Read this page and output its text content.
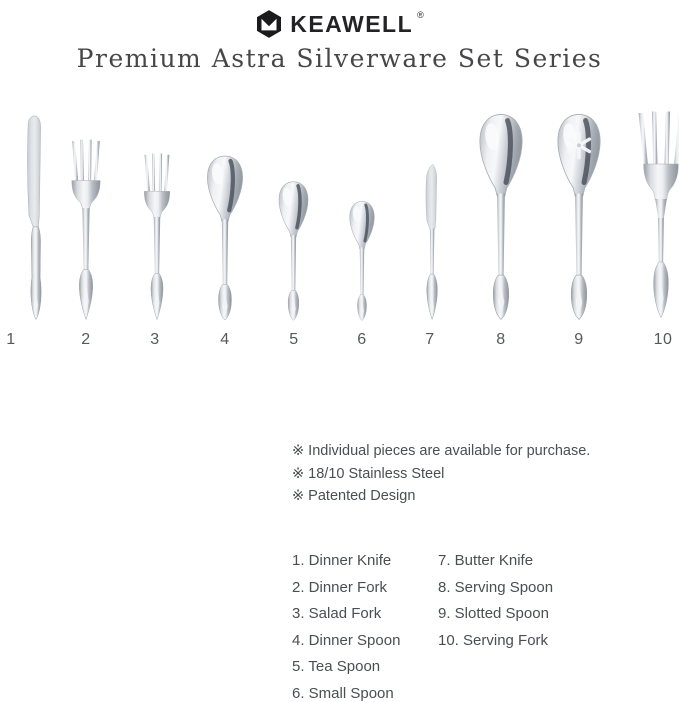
KEAWELL ®
Premium Astra Silverware Set Series
1	2	3	4	5	6	7	8	9	10

※ Individual pieces are available for purchase.

※ 18/10 Stainless Steel

※ Patented Design

1. Dinner Knife
2. Dinner Fork
3. Salad Fork
4. Dinner Spoon
5. Tea Spoon
6. Small Spoon
7. Butter Knife
8. Serving Spoon
9. Slotted Spoon
10. Serving Fork
